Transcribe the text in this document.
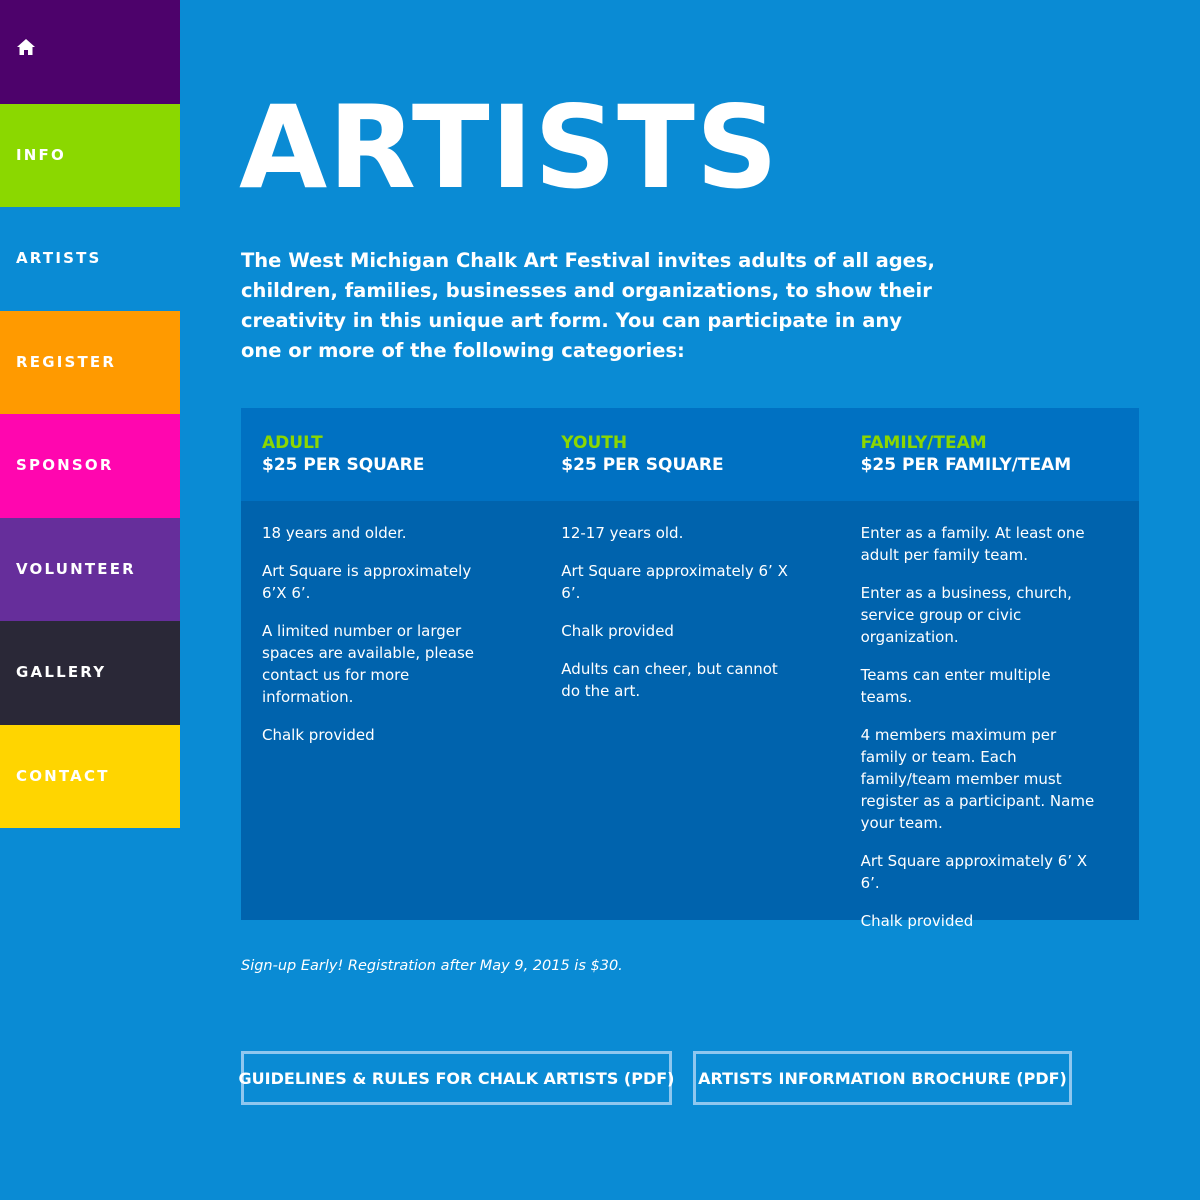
INFO
ARTISTS
REGISTER
SPONSOR
VOLUNTEER
GALLERY
CONTACT
ARTISTS

The West Michigan Chalk Art Festival invites adults of all ages, children, families, businesses and organizations, to show their creativity in this unique art form. You can participate in any one or more of the following categories:

ADULT
$25 PER SQUARE
YOUTH
$25 PER SQUARE
FAMILY/TEAM
$25 PER FAMILY/TEAM

18 years and older.

Art Square is approximately 6’X 6’.

A limited number or larger spaces are available, please contact us for more information.

Chalk provided

12-17 years old.

Art Square approximately 6’ X 6’.

Chalk provided

Adults can cheer, but cannot do the art.

Enter as a family. At least one adult per family team.

Enter as a business, church, service group or civic organization.

Teams can enter multiple teams.

4 members maximum per family or team. Each family/team member must register as a participant. Name your team.

Art Square approximately 6’ X 6’.

Chalk provided

Sign-up Early! Registration after May 9, 2015 is $30.

GUIDELINES & RULES FOR CHALK ARTISTS (PDF)	ARTISTS INFORMATION BROCHURE (PDF)
